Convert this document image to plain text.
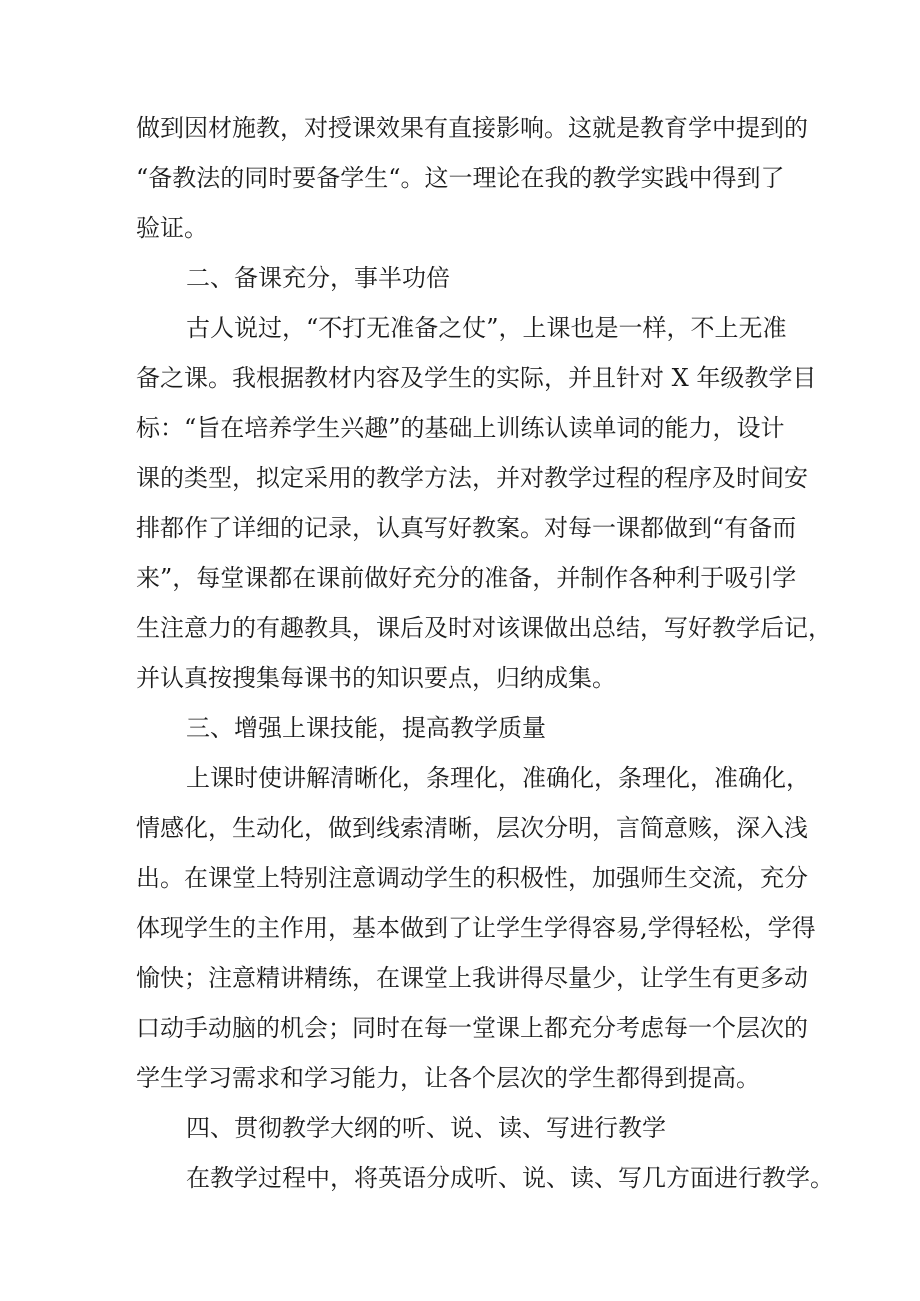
做到因材施教，对授课效果有直接影响。这就是教育学中提到的
“备教法的同时要备学生“。这一理论在我的教学实践中得到了
验证。
二、备课充分，事半功倍
古人说过，“不打无准备之仗”，上课也是一样，不上无准
备之课。我根据教材内容及学生的实际，并且针对 X 年级教学目
标：“旨在培养学生兴趣”的基础上训练认读单词的能力，设计
课的类型，拟定采用的教学方法，并对教学过程的程序及时间安
排都作了详细的记录，认真写好教案。对每一课都做到“有备而
来”，每堂课都在课前做好充分的准备，并制作各种利于吸引学
生注意力的有趣教具，课后及时对该课做出总结，写好教学后记，
并认真按搜集每课书的知识要点，归纳成集。
三、增强上课技能，提高教学质量
上课时使讲解清晰化，条理化，准确化，条理化，准确化，
情感化，生动化，做到线索清晰，层次分明，言简意赅，深入浅
出。在课堂上特别注意调动学生的积极性，加强师生交流，充分
体现学生的主作用，基本做到了让学生学得容易,学得轻松，学得
愉快；注意精讲精练，在课堂上我讲得尽量少，让学生有更多动
口动手动脑的机会；同时在每一堂课上都充分考虑每一个层次的
学生学习需求和学习能力，让各个层次的学生都得到提高。
四、贯彻教学大纲的听、说、读、写进行教学
在教学过程中，将英语分成听、说、读、写几方面进行教学。
